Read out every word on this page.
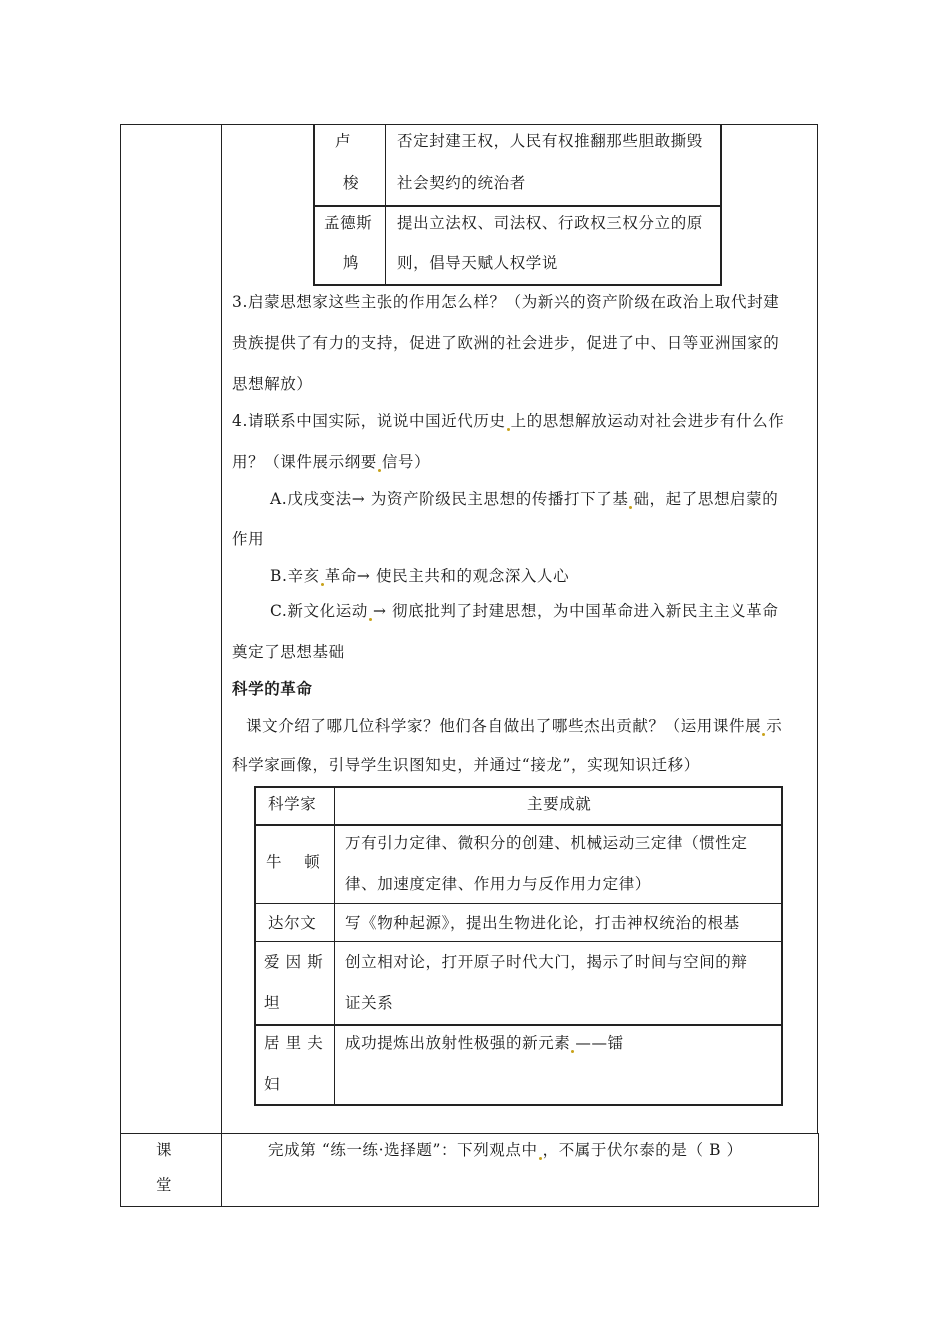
卢
梭
否定封建王权，人民有权推翻那些胆敢撕毁
社会契约的统治者
孟德斯
鸠
提出立法权、司法权、行政权三权分立的原
则，倡导天赋人权学说
3.启蒙思想家这些主张的作用怎么样？（为新兴的资产阶级在政治上取代封建
贵族提供了有力的支持，促进了欧洲的社会进步，促进了中、日等亚洲国家的
思想解放）
4.请联系中国实际，说说中国近代历史 上的思想解放运动对社会进步有什么作
用？（课件展示纲要 信号）
A.戊戌变法→ 为资产阶级民主思想的传播打下了基 础，起了思想启蒙的
作用
B.辛亥 革命→ 使民主共和的观念深入人心
C.新文化运动 → 彻底批判了封建思想，为中国革命进入新民主主义革命
奠定了思想基础
科学的革命
课文介绍了哪几位科学家？他们各自做出了哪些杰出贡献？（运用课件展 示
科学家画像，引导学生识图知史，并通过“接龙”，实现知识迁移）
科学家	主要成就
牛    顿
万有引力定律、微积分的创建、机械运动三定律（惯性定
律、加速度定律、作用力与反作用力定律）
达尔文 写《物种起源》，提出生物进化论，打击神权统治的根基
爱 因 斯
坦
创立相对论，打开原子时代大门，揭示了时间与空间的辩
证关系
居 里 夫
妇
成功提炼出放射性极强的新元素 ——镭
课
堂
完成第 “练一练·选择题”：下列观点中 ，不属于伏尔泰的是（ B ）
